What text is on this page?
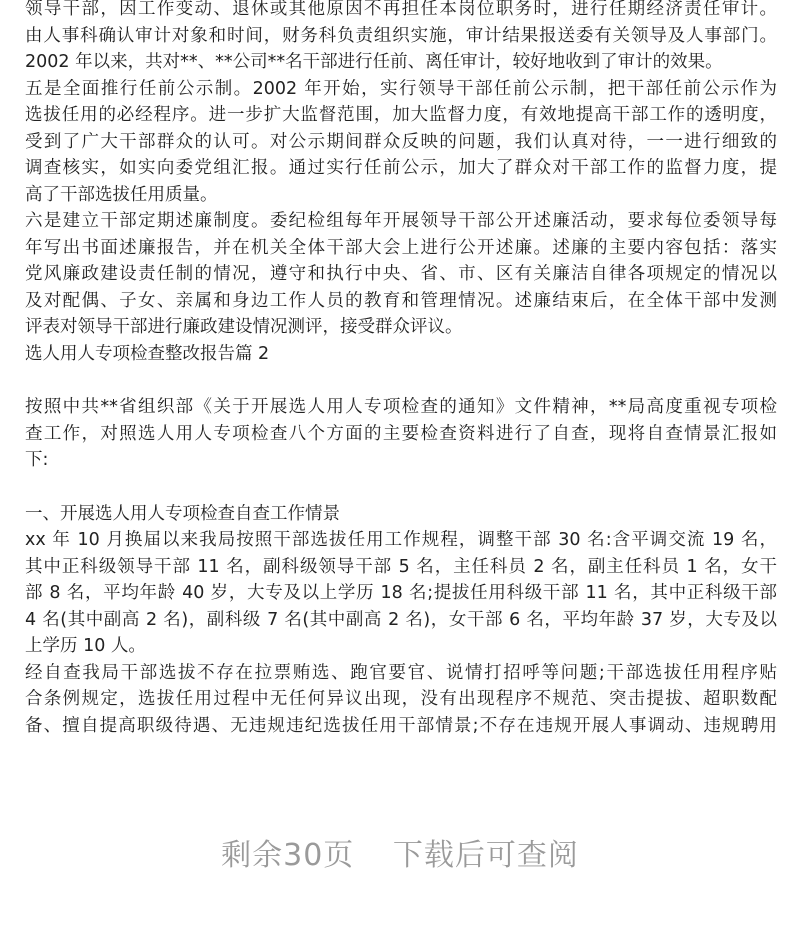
领导干部，因工作变动、退休或其他原因不再担任本岗位职务时，进行任期经济责任审计。
由人事科确认审计对象和时间，财务科负责组织实施，审计结果报送委有关领导及人事部门。
2002 年以来，共对**、**公司**名干部进行任前、离任审计，较好地收到了审计的效果。
五是全面推行任前公示制。2002 年开始，实行领导干部任前公示制，把干部任前公示作为
选拔任用的必经程序。进一步扩大监督范围，加大监督力度，有效地提高干部工作的透明度，
受到了广大干部群众的认可。对公示期间群众反映的问题，我们认真对待，一一进行细致的
调查核实，如实向委党组汇报。通过实行任前公示，加大了群众对干部工作的监督力度，提
高了干部选拔任用质量。
六是建立干部定期述廉制度。委纪检组每年开展领导干部公开述廉活动，要求每位委领导每
年写出书面述廉报告，并在机关全体干部大会上进行公开述廉。述廉的主要内容包括：落实
党风廉政建设责任制的情况，遵守和执行中央、省、市、区有关廉洁自律各项规定的情况以
及对配偶、子女、亲属和身边工作人员的教育和管理情况。述廉结束后，在全体干部中发测
评表对领导干部进行廉政建设情况测评，接受群众评议。
选人用人专项检查整改报告篇 2
按照中共**省组织部《关于开展选人用人专项检查的通知》文件精神，**局高度重视专项检
查工作，对照选人用人专项检查八个方面的主要检查资料进行了自查，现将自查情景汇报如
下:
一、开展选人用人专项检查自查工作情景
xx 年 10 月换届以来我局按照干部选拔任用工作规程，调整干部 30 名:含平调交流 19 名，
其中正科级领导干部 11 名，副科级领导干部 5 名，主任科员 2 名，副主任科员 1 名，女干
部 8 名，平均年龄 40 岁，大专及以上学历 18 名;提拔任用科级干部 11 名，其中正科级干部
4 名(其中副高 2 名)，副科级 7 名(其中副高 2 名)，女干部 6 名，平均年龄 37 岁，大专及以
上学历 10 人。
经自查我局干部选拔不存在拉票贿选、跑官要官、说情打招呼等问题;干部选拔任用程序贴
合条例规定，选拔任用过程中无任何异议出现，没有出现程序不规范、突击提拔、超职数配
备、擅自提高职级待遇、无违规违纪选拔任用干部情景;不存在违规开展人事调动、违规聘用
剩余30页 下载后可查阅
